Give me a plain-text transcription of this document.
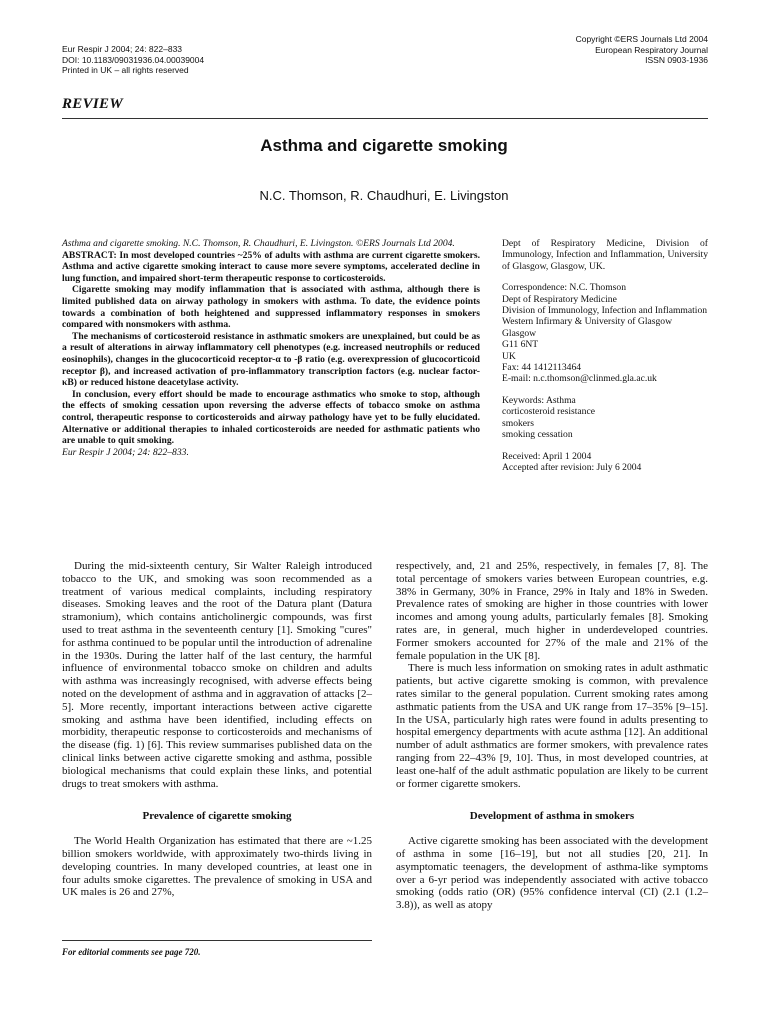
Eur Respir J 2004; 24: 822–833
DOI: 10.1183/09031936.04.00039004
Printed in UK – all rights reserved
Copyright ©ERS Journals Ltd 2004
European Respiratory Journal
ISSN 0903-1936
REVIEW
Asthma and cigarette smoking
N.C. Thomson, R. Chaudhuri, E. Livingston

Asthma and cigarette smoking. N.C. Thomson, R. Chaudhuri, E. Livingston. ©ERS Journals Ltd 2004.

ABSTRACT: In most developed countries ~25% of adults with asthma are current cigarette smokers. Asthma and active cigarette smoking interact to cause more severe symptoms, accelerated decline in lung function, and impaired short-term therapeutic response to corticosteroids.

Cigarette smoking may modify inflammation that is associated with asthma, although there is limited published data on airway pathology in smokers with asthma. To date, the evidence points towards a combination of both heightened and suppressed inflammatory responses in smokers compared with nonsmokers with asthma.

The mechanisms of corticosteroid resistance in asthmatic smokers are unexplained, but could be as a result of alterations in airway inflammatory cell phenotypes (e.g. increased neutrophils or reduced eosinophils), changes in the glucocorticoid receptor-α to -β ratio (e.g. overexpression of glucocorticoid receptor β), and increased activation of pro-inflammatory transcription factors (e.g. nuclear factor-κB) or reduced histone deacetylase activity.

In conclusion, every effort should be made to encourage asthmatics who smoke to stop, although the effects of smoking cessation upon reversing the adverse effects of tobacco smoke on asthma control, therapeutic response to corticosteroids and airway pathology have yet to be fully elucidated. Alternative or additional therapies to inhaled corticosteroids are needed for asthmatic patients who are unable to quit smoking.

Eur Respir J 2004; 24: 822–833.

Dept of Respiratory Medicine, Division of Immunology, Infection and Inflammation, University of Glasgow, Glasgow, UK.

Correspondence: N.C. Thomson
Dept of Respiratory Medicine
Division of Immunology, Infection and Inflammation
Western Infirmary & University of Glasgow
Glasgow
G11 6NT
UK
Fax: 44 1412113464
E-mail: n.c.thomson@clinmed.gla.ac.uk

Keywords: Asthma
corticosteroid resistance
smokers
smoking cessation

Received: April 1 2004
Accepted after revision: July 6 2004

During the mid-sixteenth century, Sir Walter Raleigh introduced tobacco to the UK, and smoking was soon recommended as a treatment of various medical complaints, including respiratory diseases. Smoking leaves and the root of the Datura plant (Datura stramonium), which contains anticholinergic compounds, was first used to treat asthma in the seventeenth century [1]. Smoking "cures" for asthma continued to be popular until the introduction of adrenaline in the 1930s. During the latter half of the last century, the harmful influence of environmental tobacco smoke on children and adults with asthma was increasingly recognised, with adverse effects being noted on the development of asthma and in aggravation of attacks [2–5]. More recently, important interactions between active cigarette smoking and asthma have been identified, including effects on morbidity, therapeutic response to corticosteroids and mechanisms of the disease (fig. 1) [6]. This review summarises published data on the clinical links between active cigarette smoking and asthma, possible biological mechanisms that could explain these links, and potential drugs to treat smokers with asthma.

Prevalence of cigarette smoking

The World Health Organization has estimated that there are ~1.25 billion smokers worldwide, with approximately two-thirds living in developing countries. In many developed countries, at least one in four adults smoke cigarettes. The prevalence of smoking in USA and UK males is 26 and 27%,

respectively, and, 21 and 25%, respectively, in females [7, 8]. The total percentage of smokers varies between European countries, e.g. 38% in Germany, 30% in France, 29% in Italy and 18% in Sweden. Prevalence rates of smoking are higher in those countries with lower incomes and among young adults, particularly females [8]. Smoking rates are, in general, much higher in underdeveloped countries. Former smokers accounted for 27% of the male and 21% of the female population in the UK [8].

There is much less information on smoking rates in adult asthmatic patients, but active cigarette smoking is common, with prevalence rates similar to the general population. Current smoking rates among asthmatic patients from the USA and UK range from 17–35% [9–15]. In the USA, particularly high rates were found in adults presenting to hospital emergency departments with acute asthma [12]. An additional number of adult asthmatics are former smokers, with prevalence rates ranging from 22–43% [9, 10]. Thus, in most developed countries, at least one-half of the adult asthmatic population are likely to be current or former cigarette smokers.

Development of asthma in smokers

Active cigarette smoking has been associated with the development of asthma in some [16–19], but not all studies [20, 21]. In asymptomatic teenagers, the development of asthma-like symptoms over a 6-yr period was independently associated with active tobacco smoking (odds ratio (OR) (95% confidence interval (CI) (2.1 (1.2–3.8)), as well as atopy

For editorial comments see page 720.
